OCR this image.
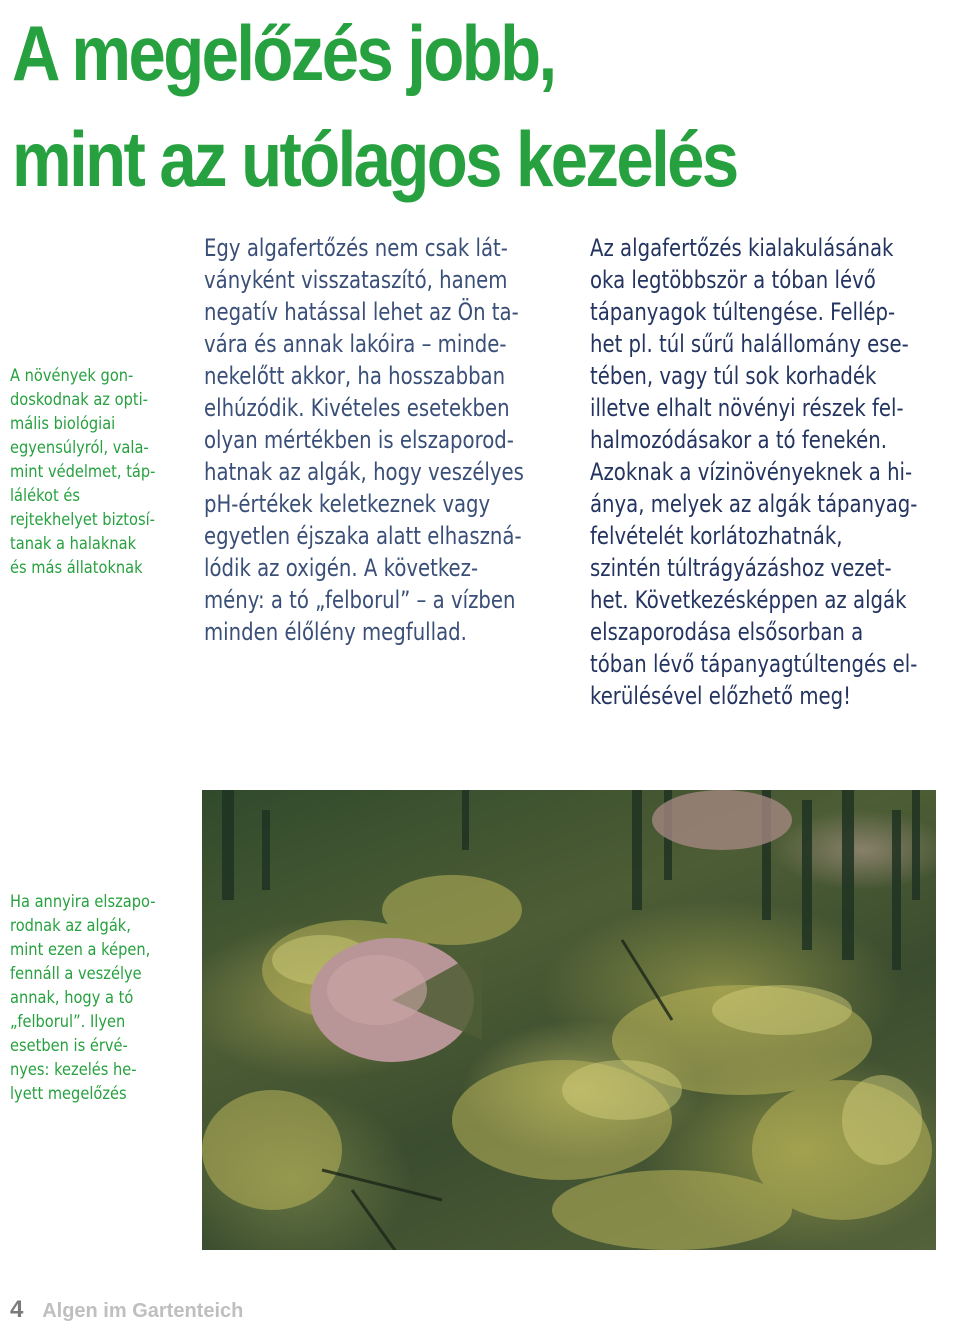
A megelőzés jobb,
mint az utólagos kezelés
A növények gon-
doskodnak az opti-
mális biológiai
egyensúlyról, vala-
mint védelmet, táp-
lálékot és
rejtekhelyet biztosí-
tanak a halaknak
és más állatoknak
Egy algafertőzés nem csak lát-
ványként visszataszító, hanem
negatív hatással lehet az Ön ta-
vára és annak lakóira – minde-
nekelőtt akkor, ha hosszabban
elhúzódik. Kivételes esetekben
olyan mértékben is elszaporod-
hatnak az algák, hogy veszélyes
pH-értékek keletkeznek vagy
egyetlen éjszaka alatt elhaszná-
lódik az oxigén. A következ-
mény: a tó „felborul” – a vízben
minden élőlény megfullad.
Az algafertőzés kialakulásának
oka legtöbbször a tóban lévő
tápanyagok túltengése. Fellép-
het pl. túl sűrű halállomány ese-
tében, vagy túl sok korhadék
illetve elhalt növényi részek fel-
halmozódásakor a tó fenekén.
Azoknak a vízinövényeknek a hi-
ánya, melyek az algák tápanyag-
felvételét korlátozhatnák,
szintén túltrágyázáshoz vezet-
het. Következésképpen az algák
elszaporodása elsősorban a
tóban lévő tápanyagtúltengés el-
kerülésével előzhető meg!
Ha annyira elszapo-
rodnak az algák,
mint ezen a képen,
fennáll a veszélye
annak, hogy a tó
„felborul”. Ilyen
esetben is érvé-
nyes: kezelés he-
lyett megelőzés
4 Algen im Gartenteich
